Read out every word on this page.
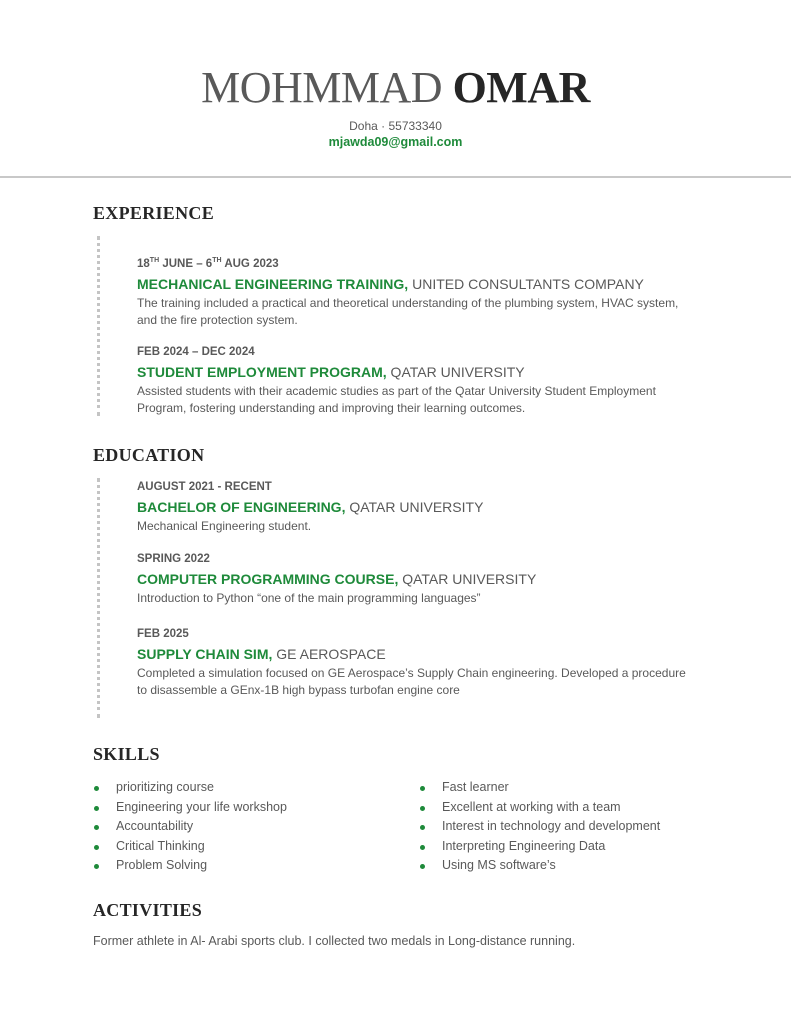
MOHMMAD OMAR
Doha · 55733340
mjawda09@gmail.com
EXPERIENCE
18TH JUNE – 6TH AUG 2023
MECHANICAL ENGINEERING TRAINING, UNITED CONSULTANTS COMPANY
The training included a practical and theoretical understanding of the plumbing system, HVAC system, and the fire protection system.
FEB 2024 – DEC 2024
STUDENT EMPLOYMENT PROGRAM, QATAR UNIVERSITY
Assisted students with their academic studies as part of the Qatar University Student Employment Program, fostering understanding and improving their learning outcomes.
EDUCATION
AUGUST 2021 - RECENT
BACHELOR OF ENGINEERING, QATAR UNIVERSITY
Mechanical Engineering student.
SPRING 2022
COMPUTER PROGRAMMING COURSE, QATAR UNIVERSITY
Introduction to Python “one of the main programming languages”
FEB 2025
SUPPLY CHAIN SIM, GE AEROSPACE
Completed a simulation focused on GE Aerospace’s Supply Chain engineering. Developed a procedure to disassemble a GEnx-1B high bypass turbofan engine core
SKILLS
prioritizing course
Engineering your life workshop
Accountability
Critical Thinking
Problem Solving
Fast learner
Excellent at working with a team
Interest in technology and development
Interpreting Engineering Data
Using MS software’s
ACTIVITIES
Former athlete in Al- Arabi sports club. I collected two medals in Long-distance running.
